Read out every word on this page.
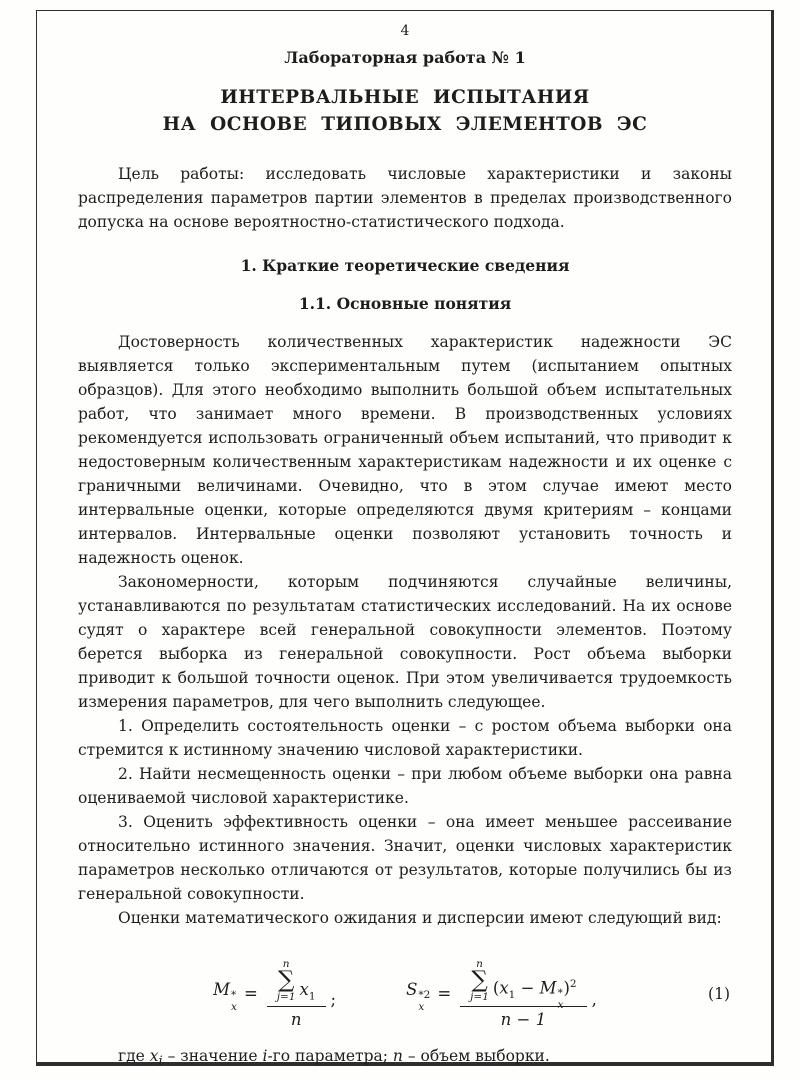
4
Лабораторная работа № 1
ИНТЕРВАЛЬНЫЕ ИСПЫТАНИЯ
НА ОСНОВЕ ТИПОВЫХ ЭЛЕМЕНТОВ ЭС

Цель работы: исследовать числовые характеристики и законы распределения параметров партии элементов в пределах производственного допуска на основе вероятностно-статистического подхода.

1. Краткие теоретические сведения
1.1. Основные понятия

Достоверность количественных характеристик надежности ЭС выявляется только экспериментальным путем (испытанием опытных образцов). Для этого необходимо выполнить большой объем испытательных работ, что занимает много времени. В производственных условиях рекомендуется использовать ограниченный объем испытаний, что приводит к недостоверным количественным характеристикам надежности и их оценке с граничными величинами. Очевидно, что в этом случае имеют место интервальные оценки, которые определяются двумя критериям – концами интервалов. Интервальные оценки позволяют установить точность и надежность оценок.

Закономерности, которым подчиняются случайные величины, устанавливаются по результатам статистических исследований. На их основе судят о характере всей генеральной совокупности элементов. Поэтому берется выборка из генеральной совокупности. Рост объема выборки приводит к большой точности оценок. При этом увеличивается трудоемкость измерения параметров, для чего выполнить следующее.

1. Определить состоятельность оценки – с ростом объема выборки она стремится к истинному значению числовой характеристики.

2. Найти несмещенность оценки – при любом объеме выборки она равна оцениваемой числовой характеристике.

3. Оценить эффективность оценки – она имеет меньшее рассеивание относительно истинного значения. Значит, оценки числовых характеристик параметров несколько отличаются от результатов, которые получились бы из генеральной совокупности.

Оценки математического ожидания и дисперсии имеют следующий вид:

M *
x
=
n
∑
j=1 $x_1$
n
;
S *2
x
=
n
∑
j=1 ($x_1 - M$ *
x
)$^2$
n − 1
,	(1)

где $x_i$ – значение i-го параметра; n – объем выборки.
